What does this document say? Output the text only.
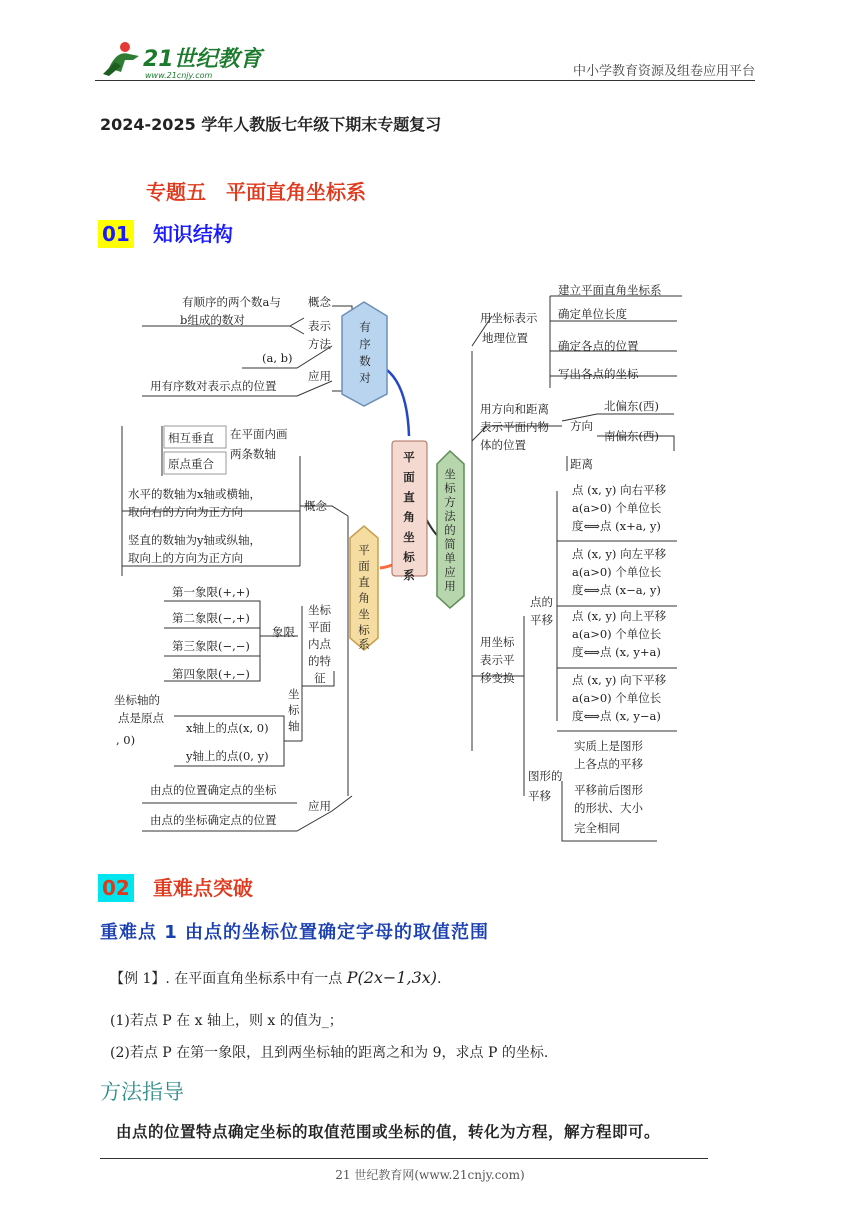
21世纪教育
www.21cnjy.com	中小学教育资源及组卷应用平台
2024-2025 学年人教版七年级下期末专题复习
专题五　平面直角坐标系
01 知识结构
有
序
数
对
平
面
直
角
坐
标
系
平
面
直
角
坐
标
系
坐
标
方
法
的
简
单
应
用
有顺序的两个数a与
b组成的数对
概念
表示
方法
(a, b)
应用
用有序数对表示点的位置
相互垂直
原点重合
在平面内画
两条数轴
水平的数轴为x轴或横轴，
取向右的方向为正方向
竖直的数轴为y轴或纵轴，
取向上的方向为正方向
概念
第一象限(+,+)
第二象限(−,+)
第三象限(−,−)
第四象限(+,−)
象限
坐标
平面
内点
的特
征
坐标轴的
点是原点
, 0)
x轴上的点(x, 0)
y轴上的点(0, y)
坐
标
轴
由点的位置确定点的坐标
由点的坐标确定点的位置
应用
用坐标表示
地理位置
建立平面直角坐标系
确定单位长度
确定各点的位置
写出各点的坐标
用方向和距离
表示平面内物
体的位置
方向
距离
北偏东(西)
南偏东(西)
点 (x, y) 向右平移
a(a>0) 个单位长
度⟺点 (x+a, y)
点 (x, y) 向左平移
a(a>0) 个单位长
度⟺点 (x−a, y)
点 (x, y) 向上平移
a(a>0) 个单位长
度⟺点 (x, y+a)
点 (x, y) 向下平移
a(a>0) 个单位长
度⟺点 (x, y−a)
点的
平移
用坐标
表示平
移变换
图形的
平移
实质上是图形
上各点的平移
平移前后图形
的形状、大小
完全相同
02 重难点突破
重难点 1 由点的坐标位置确定字母的取值范围
【例 1】. 在平面直角坐标系中有一点 P(2x−1,3x).
(1)若点 P 在 x 轴上，则 x 的值为_；
(2)若点 P 在第一象限，且到两坐标轴的距离之和为 9，求点 P 的坐标.
方法指导
由点的位置特点确定坐标的取值范围或坐标的值，转化为方程，解方程即可。
21 世纪教育网(www.21cnjy.com)
